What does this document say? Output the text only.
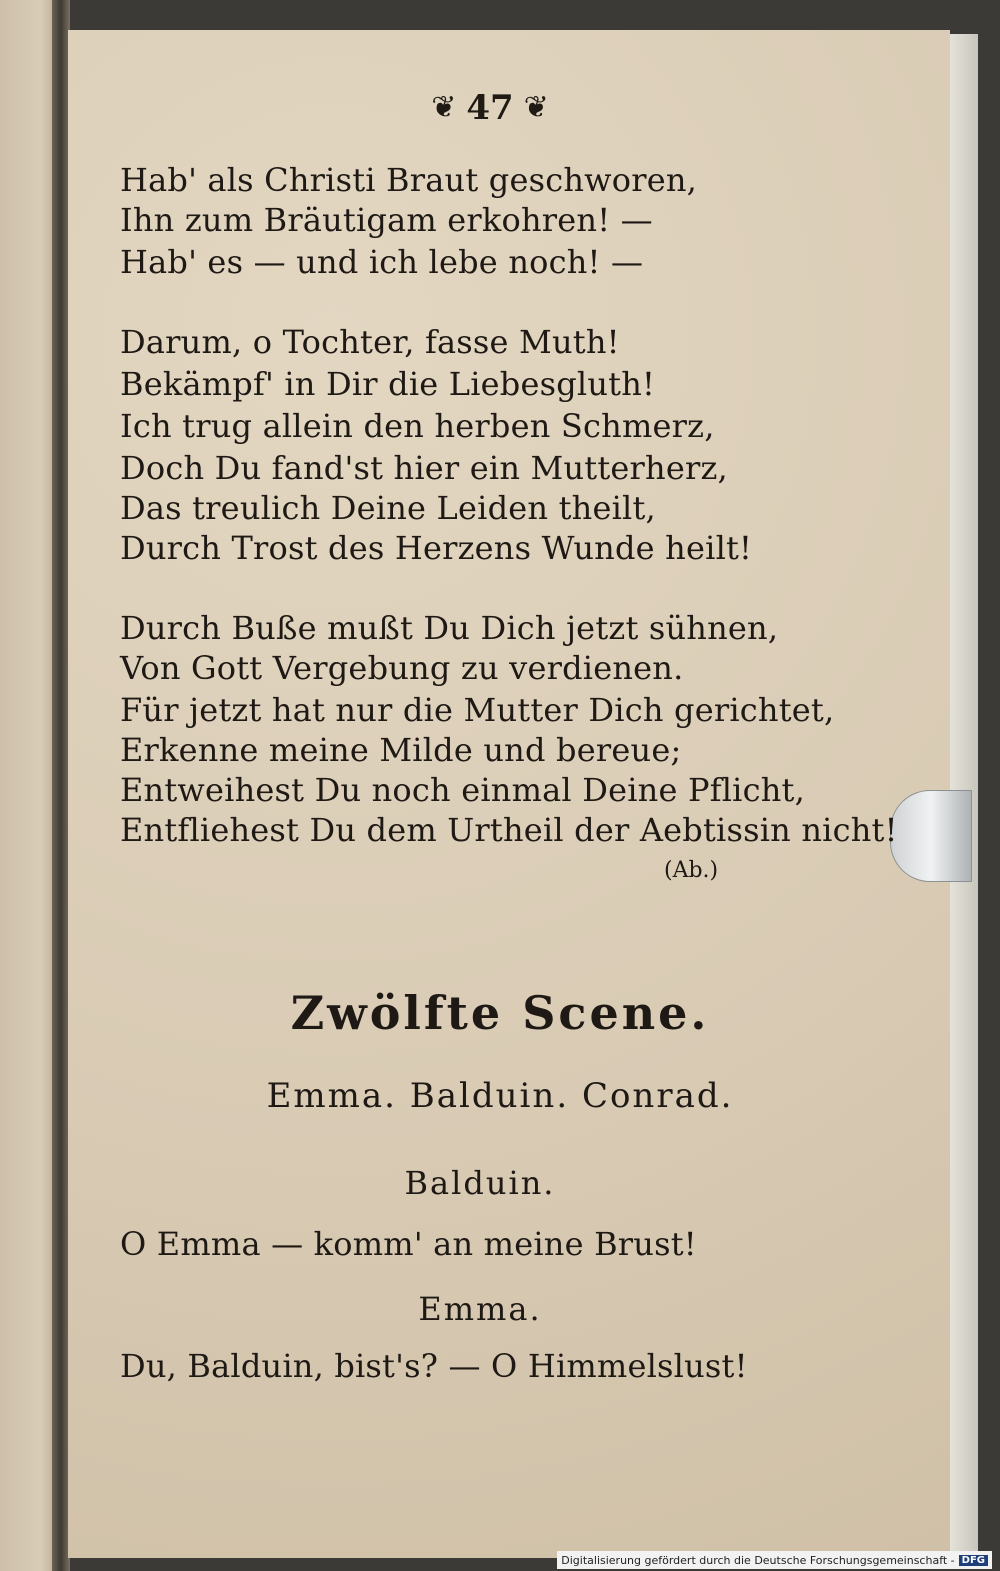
❦ 47 ❦

Hab' als Christi Braut geschworen,

Ihn zum Bräutigam erkohren! —

Hab' es — und ich lebe noch! —

Darum, o Tochter, fasse Muth!

Bekämpf' in Dir die Liebesgluth!

Ich trug allein den herben Schmerz,

Doch Du fand'st hier ein Mutterherz,

Das treulich Deine Leiden theilt,

Durch Trost des Herzens Wunde heilt!

Durch Buße mußt Du Dich jetzt sühnen,

Von Gott Vergebung zu verdienen.

Für jetzt hat nur die Mutter Dich gerichtet,

Erkenne meine Milde und bereue;

Entweihest Du noch einmal Deine Pflicht,

Entfliehest Du dem Urtheil der Aebtissin nicht!

(Ab.)

Zwölfte Scene.

Emma. Balduin. Conrad.

Balduin.

O Emma — komm' an meine Brust!

Emma.

Du, Balduin, bist's? — O Himmelslust!

Digitalisierung gefördert durch die Deutsche Forschungsgemeinschaft - DFG
